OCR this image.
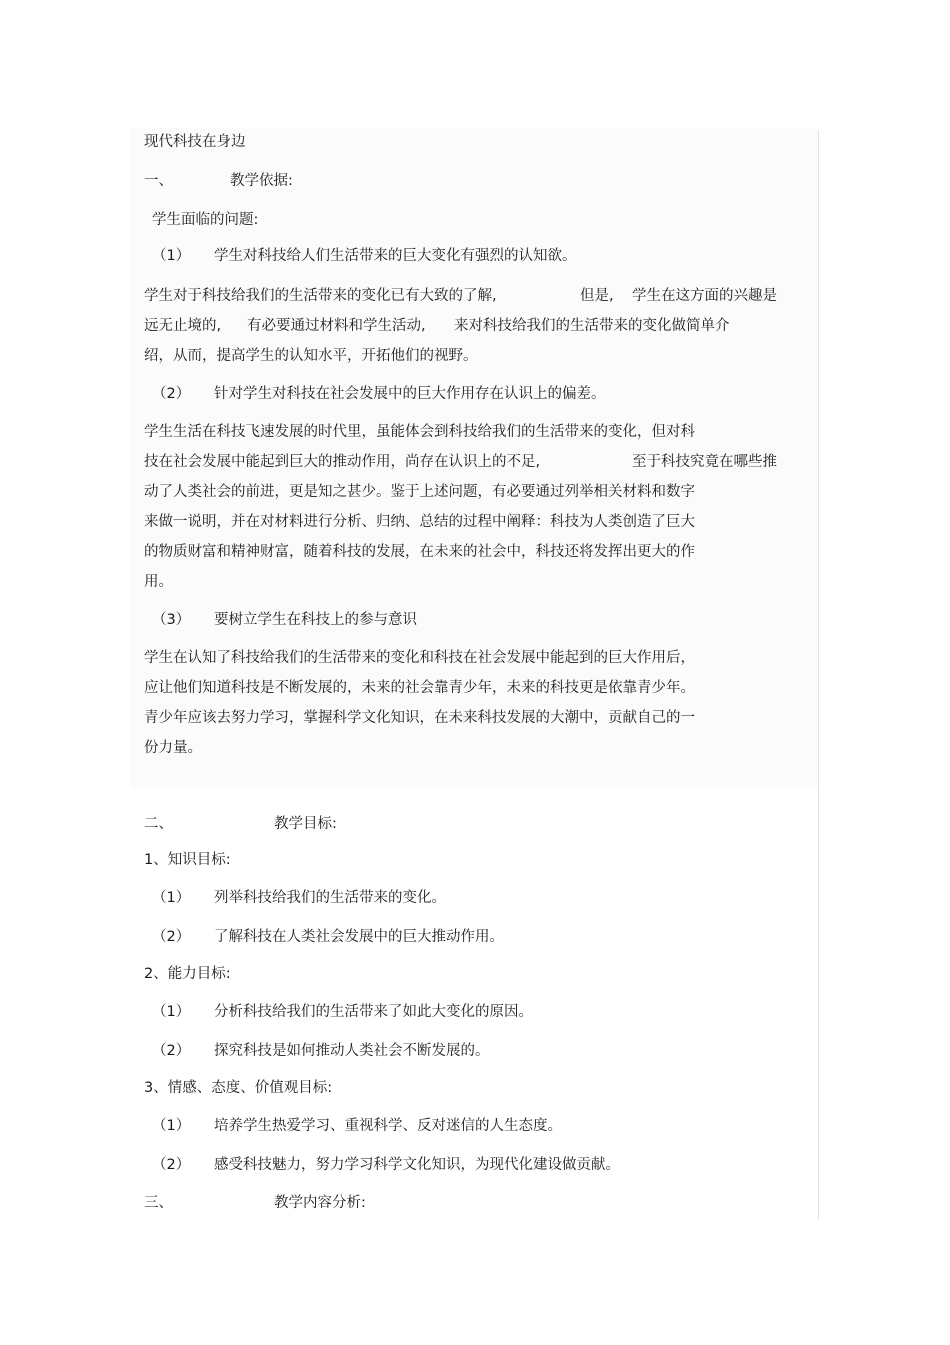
现代科技在身边
一、	教学依据:
学生面临的问题:
（1） 学生对科技给人们生活带来的巨大变化有强烈的认知欲。
学生对于科技给我们的生活带来的变化已有大致的了解,	但是, 学生在这方面的兴趣是
远无止境的, 有必要通过材料和学生活动, 来对科技给我们的生活带来的变化做简单介
绍，从而，提高学生的认知水平，开拓他们的视野。
（2） 针对学生对科技在社会发展中的巨大作用存在认识上的偏差。
学生生活在科技飞速发展的时代里，虽能体会到科技给我们的生活带来的变化，但对科
技在社会发展中能起到巨大的推动作用，尚存在认识上的不足,	至于科技究竟在哪些推
动了人类社会的前进，更是知之甚少。鉴于上述问题，有必要通过列举相关材料和数字
来做一说明，并在对材料进行分析、归纳、总结的过程中阐释：科技为人类创造了巨大
的物质财富和精神财富，随着科技的发展，在未来的社会中，科技还将发挥出更大的作
用。
（3） 要树立学生在科技上的参与意识
学生在认知了科技给我们的生活带来的变化和科技在社会发展中能起到的巨大作用后，
应让他们知道科技是不断发展的，未来的社会靠青少年，未来的科技更是依靠青少年。
青少年应该去努力学习，掌握科学文化知识，在未来科技发展的大潮中，贡献自己的一
份力量。
二、	教学目标:
1、知识目标:
（1） 列举科技给我们的生活带来的变化。
（2） 了解科技在人类社会发展中的巨大推动作用。
2、能力目标:
（1） 分析科技给我们的生活带来了如此大变化的原因。
（2） 探究科技是如何推动人类社会不断发展的。
3、情感、态度、价值观目标:
（1） 培养学生热爱学习、重视科学、反对迷信的人生态度。
（2） 感受科技魅力，努力学习科学文化知识，为现代化建设做贡献。
三、	教学内容分析:
